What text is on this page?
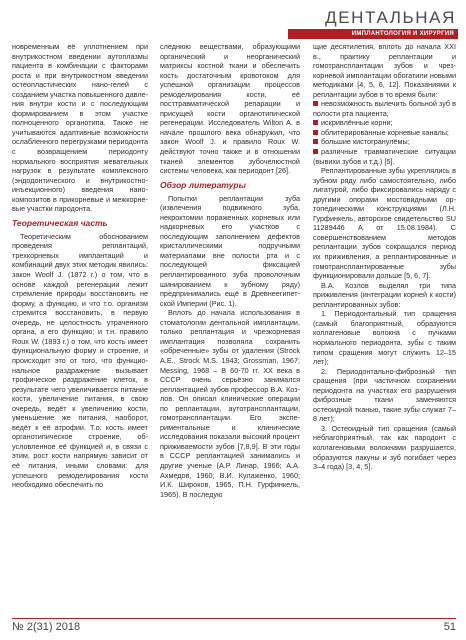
ДЕНТАЛЬНАЯ
ИМПЛАНТОЛОГИЯ И ХИРУРГИЯ

новременным её уплотнением при внутрикостном введении аутоплазмы пациента в комбинации с факторами роста и при внутрикостном введении остеопластических нано-гелей с созданием участка повышенного давления внутри кости и с последующим формированием в этом участке полноценного органотипа. Также не учитываются адаптивные возможности ослабленного перегрузками периодонта с возвращением периодонту нормального восприятия жевательных нагрузок в результате комплексного (эндодонтического и внутрикостно-инъекционного) введения нано-композитов в прикорневые и межкорневые участки пародонта.

Теоретическая часть

Теоретическим обоснованием проведения реплантаций, трехкорневых имплантаций и комбинаций двух этих методик явились: закон Woolf J. (1872 г.) о том, что в основе каждой регенерации лежит стремление природы восстановить не форму, а функцию, и что т.о. организм стремится восстановить, в первую очередь, не целостность утраченного органа, а его функцию; и т.н. правило Roux W. (1893 г.) о том, что кость имеет функциональную форму и строение, и происходит это от того, что функциональное раздражение вызывает трофическое раздражение клеток, в результате чего увеличивается питание кости, увеличение питания, в свою очередь, ведёт к увеличению кости, уменьшение же питания, наоборот, ведёт к её атрофии. Т.о. кость имеет органотипическое строение, обусловленное её функцией и, в связи с этим, рост кости напрямую зависит от её питания, иными словами: для успешного ремоделирования кости необходимо обеспечить по

следнюю веществами, образующими органический и неорганический матриксы костной ткани и обеспечить кость достаточным кровотоком для успешной организации процессов ремоделирования кости, её посттравматической репарации и присущей кости органотипической регенерации. Исследователь Wilton A. в начале прошлого века обнаружил, что закон Woolf J. и правило Roux W. действуют точно также и в отношении тканей элементов зубочелюстной системы человека, как периодонт [26].

Обзор литературы

Попытки реплантации зуба (извлечения подвижного зуба, некроктомии пораженных корневых или надкорневых его участков с последующим заполнением дефектов кристаллическими подручными материалами вне полости рта и с последующей фиксацией реплантированного зуба проволочным шинированием к зубному ряду) предпринимались ещё в Древнеегипетской Империи (Рис. 1).

Вплоть до начала использования в стоматологии дентальной имплантации, только реплантация и чрезкорневая имплантация позволяла сохранить «обреченные» зубы от удаления (Strock A.E., Strock M.S. 1943; Grossman, 1967; Messing, 1968 – В 60-70 гг. ХХ века в СССР очень серьёзно занимался реплантацией зубов профессор В.А. Козлов. Он описал клинические операции по реплантации, аутотрансплантации, гомотрансплантации. Его экспериментальные и клинические исследования показали высокий процент приживаемости зубов [7,8,9]. В эти годы в СССР реплантацией занимались и другие ученые (А.Р. Линар, 1966; А.А. Ахмедов, 1960; В.И. Кулаженко, 1960; И.К. Широков, 1965, П.Н. Гурфинкель, 1965). В последую

щие десятилетия, вплоть до начала XXI в., практику реплантации и гомотрансплантации зубов и чрезкорневой имплантации обогатили новыми методиками [4, 5, 6, 12]. Показаниями к реплантации зубов в то время были:

невозможность вылечить больной зуб в полости рта пациента;

искривлённые корни;

облитерированные корневые каналы;

большие кистогранулёмы;

различные травматические ситуации (вывихи зубов и т.д.) [5].

Реплантированные зубы укреплялись в зубном ряду либо самостоятельно, либо лигатурой, либо фиксировались наряду с другими опорами мостовидными ортопедическими конструкциями (Л.Н. Гурфинкель, авторское свидетельство SU 11289446 А от 15.08.1984). С совершенствованием методов реплантации зубов сокращался период их приживления, а реплантированные и гомотрансплантированные зубы функционировали дольше [5, 6, 7].

В.А. Козлов выделял три типа приживления (интеграции корней к кости) реплантированных зубов:

1. Периодонтальный тип сращения (самый благоприятный, образуются коллагеновые волокна с пучками нормального периодонта, зубы с таким типом сращения могут служить 12–15 лет);

2. Периодонтально-фиброзный тип сращения (при частичном сохранении периодонта на участках его разрушения фиброзные ткани заменяются остеоидной тканью, такие зубы служат 7–8 лет);

3. Остеоидный тип сращения (самый неблагоприятный, так как пародонт с коллагеновыми волокнами разрушается, образуются лакуны и зуб погибает через 3–4 года) [3, 4, 5].

№ 2(31) 2018	51
